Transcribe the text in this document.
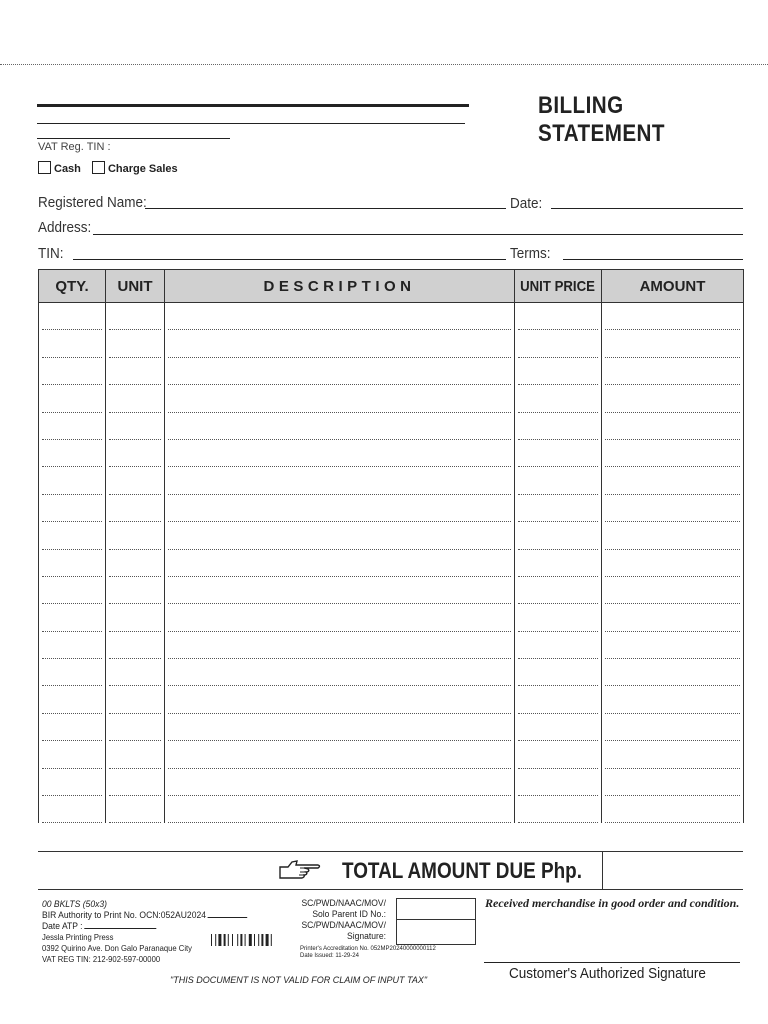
BILLING STATEMENT
VAT Reg. TIN :
Cash Charge Sales
Registered Name:	Date:
Address:
TIN:	Terms:
QTY.	UNIT	DESCRIPTION	UNIT PRICE	AMOUNT

TOTAL AMOUNT DUE Php.
00 BKLTS (50x3)
BIR Authority to Print No. OCN:052AU2024
Date ATP :
Jessla Printing Press
0392 Quirino Ave. Don Galo Paranaque City
VAT REG TIN: 212-902-597-00000
SC/PWD/NAAC/MOV/
Solo Parent ID No.:
SC/PWD/NAAC/MOV/
Signature:
Printer's Accreditation No. 052MP20240000000112
Date Issued: 11-29-24
Received merchandise in good order and condition.
Customer's Authorized Signature
"THIS DOCUMENT IS NOT VALID FOR CLAIM OF INPUT TAX"
